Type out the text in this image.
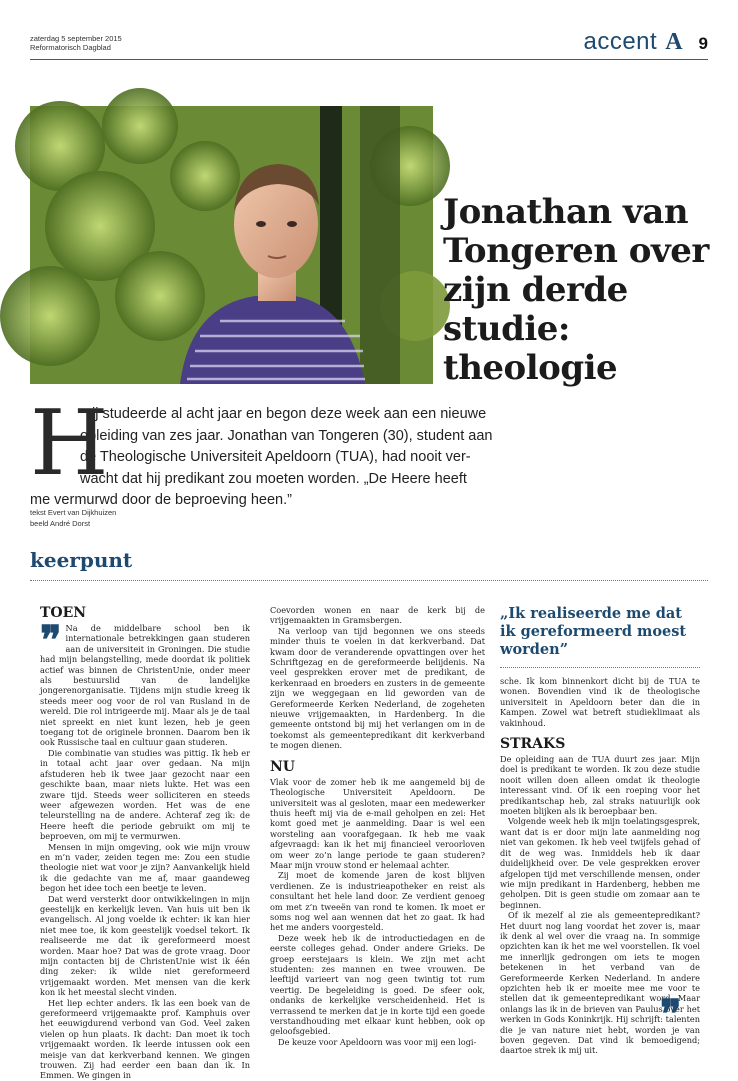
zaterdag 5 september 2015
Reformatorisch Dagblad	accent A 9
Jonathan van Tongeren over zijn derde studie: theologie
H
ij studeerde al acht jaar en begon deze week aan een nieuwe
opleiding van zes jaar. Jonathan van Tongeren (30), student aan
de Theologische Universiteit Apeldoorn (TUA), had nooit ver-
wacht dat hij predikant zou moeten worden. „De Heere heeft
me vermurwd door de beproeving heen.”
tekst Evert van Dijkhuizen
beeld André Dorst
keerpunt
TOEN
❞ Na de middelbare school ben ik internationale betrekkingen gaan studeren aan de universiteit in Groningen. Die studie had mijn belangstelling, mede doordat ik politiek actief was binnen de ChristenUnie, onder meer als bestuurslid van de landelijke jongerenorganisatie. Tijdens mijn studie kreeg ik steeds meer oog voor de rol van Rusland in de wereld. Die rol intrigeerde mij. Maar als je de taal niet spreekt en niet kunt lezen, heb je geen toegang tot de originele bronnen. Daarom ben ik ook Russische taal en cultuur gaan studeren.

Die combinatie van studies was pittig. Ik heb er in totaal acht jaar over gedaan. Na mijn afstuderen heb ik twee jaar gezocht naar een geschikte baan, maar niets lukte. Het was een zware tijd. Steeds weer solliciteren en steeds weer afgewezen worden. Het was de ene teleurstelling na de andere. Achteraf zeg ik: de Heere heeft die periode gebruikt om mij te beproeven, om mij te vermurwen.

Mensen in mijn omgeving, ook wie mijn vrouw en m’n vader, zeiden tegen me: Zou een studie theologie niet wat voor je zijn? Aanvankelijk hield ik die gedachte van me af, maar gaandeweg begon het idee toch een beetje te leven.

Dat werd versterkt door ontwikkelingen in mijn geestelijk en kerkelijk leven. Van huis uit ben ik evangelisch. Al jong voelde ik echter: ik kan hier niet mee toe, ik kom geestelijk voedsel tekort. Ik realiseerde me dat ik gereformeerd moest worden. Maar hoe? Dat was de grote vraag. Door mijn contacten bij de ChristenUnie wist ik één ding zeker: ik wilde niet gereformeerd vrijgemaakt worden. Met mensen van die kerk kon ik het meestal slecht vinden.

Het liep echter anders. Ik las een boek van de gereformeerd vrijgemaakte prof. Kamphuis over het eeuwigdurend verbond van God. Veel zaken vielen op hun plaats. Ik dacht: Dan moet ik toch vrijgemaakt worden. Ik leerde intussen ook een meisje van dat kerkverband kennen. We gingen trouwen. Zij had eerder een baan dan ik. In Emmen. We gingen in

Coevorden wonen en naar de kerk bij de vrijgemaakten in Gramsbergen.

Na verloop van tijd begonnen we ons steeds minder thuis te voelen in dat kerkverband. Dat kwam door de veranderende opvattingen over het Schriftgezag en de gereformeerde belijdenis. Na veel gesprekken erover met de predikant, de kerkenraad en broeders en zusters in de gemeente zijn we weggegaan en lid geworden van de Gereformeerde Kerken Nederland, de zogeheten nieuwe vrijgemaakten, in Hardenberg. In die gemeente ontstond bij mij het verlangen om in de toekomst als gemeentepredikant dit kerkverband te mogen dienen.

NU

Vlak voor de zomer heb ik me aangemeld bij de Theologische Universiteit Apeldoorn. De universiteit was al gesloten, maar een medewerker thuis heeft mij via de e-mail geholpen en zei: Het komt goed met je aanmelding. Daar is wel een worsteling aan voorafgegaan. Ik heb me vaak afgevraagd: kan ik het mij financieel veroorloven om weer zo’n lange periode te gaan studeren? Maar mijn vrouw stond er helemaal achter.

Zij moet de komende jaren de kost blijven verdienen. Ze is industrieapotheker en reist als consultant het hele land door. Ze verdient genoeg om met z’n tweeën van rond te komen. Ik moet er soms nog wel aan wennen dat het zo gaat. Ik had het me anders voorgesteld.

Deze week heb ik de introductiedagen en de eerste colleges gehad. Onder andere Grieks. De groep eerstejaars is klein. We zijn met acht studenten: zes mannen en twee vrouwen. De leeftijd varieert van nog geen twintig tot rum veertig. De begeleiding is goed. De sfeer ook, ondanks de kerkelijke verscheidenheid. Het is verrassend te merken dat je in korte tijd een goede verstandhouding met elkaar kunt hebben, ook op geloofsgebied.

De keuze voor Apeldoorn was voor mij een logi-

„Ik realiseerde me dat ik gereformeerd moest worden”

sche. Ik kom binnenkort dicht bij de TUA te wonen. Bovendien vind ik de theologische universiteit in Apeldoorn beter dan die in Kampen. Zowel wat betreft studieklimaat als vakinhoud.

STRAKS

De opleiding aan de TUA duurt zes jaar. Mijn doel is predikant te worden. Ik zou deze studie nooit willen doen alleen omdat ik theologie interessant vind. Of ik een roeping voor het predikantschap heb, zal straks natuurlijk ook moeten blijken als ik beroepbaar ben.

Volgende week heb ik mijn toelatingsgesprek, want dat is er door mijn late aanmelding nog niet van gekomen. Ik heb veel twijfels gehad of dit de weg was. Inmiddels heb ik daar duidelijkheid over. De vele gesprekken erover afgelopen tijd met verschillende mensen, onder wie mijn predikant in Hardenberg, hebben me geholpen. Dit is geen studie om zomaar aan te beginnen.

Of ik mezelf al zie als gemeentepredikant? Het duurt nog lang voordat het zover is, maar ik denk al wel over die vraag na. In sommige opzichten kan ik het me wel voorstellen. Ik voel me innerlijk gedrongen om iets te mogen betekenen in het verband van de Gereformeerde Kerken Nederland. In andere opzichten heb ik er moeite mee me voor te stellen dat ik gemeentepredikant word. Maar onlangs las ik in de brieven van Paulus over het werken in Gods Koninkrijk. Hij schrijft: talenten die je van nature niet hebt, worden je van boven gegeven. Dat vind ik bemoedigend; daartoe strek ik mij uit.

❞
